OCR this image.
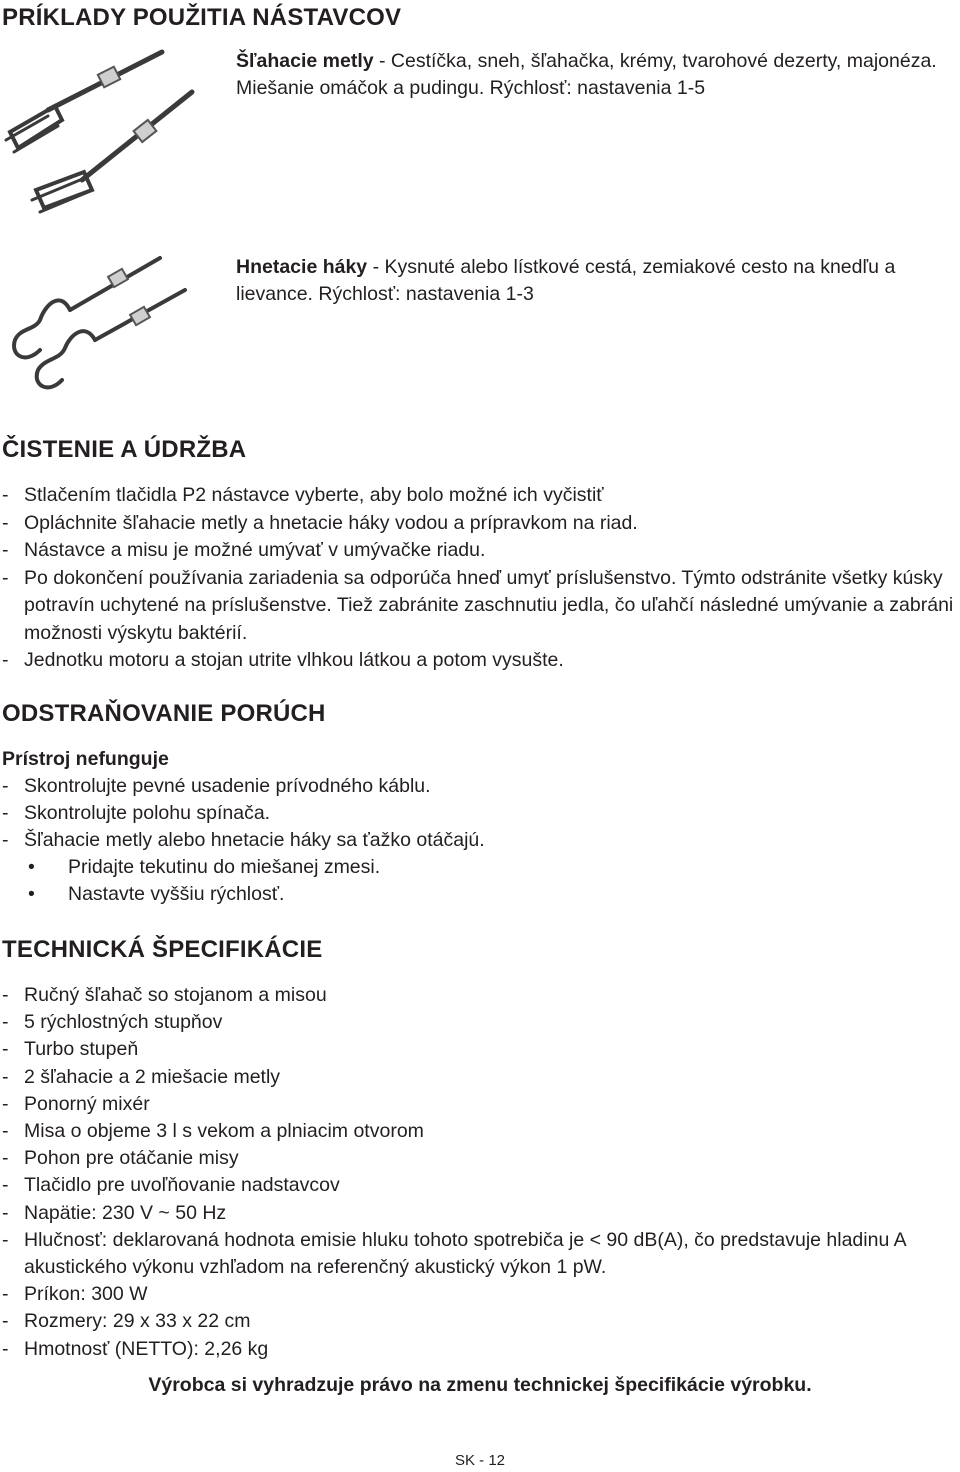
PRÍKLADY POUŽITIA NÁSTAVCOV
Šľahacie metly - Cestíčka, sneh, šľahačka, krémy, tvarohové dezerty, majonéza. Miešanie omáčok a pudingu. Rýchlosť: nastavenia 1-5
Hnetacie háky - Kysnuté alebo lístkové cestá, zemiakové cesto na knedľu a lievance. Rýchlosť: nastavenia 1-3
ČISTENIE A ÚDRŽBA
- Stlačením tlačidla P2 nástavce vyberte, aby bolo možné ich vyčistiť
- Opláchnite šľahacie metly a hnetacie háky vodou a prípravkom na riad.
- Nástavce a misu je možné umývať v umývačke riadu.
- Po dokončení používania zariadenia sa odporúča hneď umyť príslušenstvo. Týmto odstránite všetky kúsky potravín uchytené na príslušenstve. Tiež zabránite zaschnutiu jedla, čo uľahčí následné umývanie a zabráni možnosti výskytu baktérií.
- Jednotku motoru a stojan utrite vlhkou látkou a potom vysušte.
ODSTRAŇOVANIE PORÚCH
Prístroj nefunguje
- Skontrolujte pevné usadenie prívodného káblu.
- Skontrolujte polohu spínača.
- Šľahacie metly alebo hnetacie háky sa ťažko otáčajú.
• Pridajte tekutinu do miešanej zmesi.
• Nastavte vyššiu rýchlosť.
TECHNICKÁ ŠPECIFIKÁCIE
- Ručný šľahač so stojanom a misou
- 5 rýchlostných stupňov
- Turbo stupeň
- 2 šľahacie a 2 miešacie metly
- Ponorný mixér
- Misa o objeme 3 l s vekom a plniacim otvorom
- Pohon pre otáčanie misy
- Tlačidlo pre uvoľňovanie nadstavcov
- Napätie: 230 V ~ 50 Hz
- Hlučnosť: deklarovaná hodnota emisie hluku tohoto spotrebiča je < 90 dB(A), čo predstavuje hladinu A akustického výkonu vzhľadom na referenčný akustický výkon 1 pW.
- Príkon: 300 W
- Rozmery: 29 x 33 x 22 cm
- Hmotnosť (NETTO): 2,26 kg
Výrobca si vyhradzuje právo na zmenu technickej špecifikácie výrobku.
SK - 12
